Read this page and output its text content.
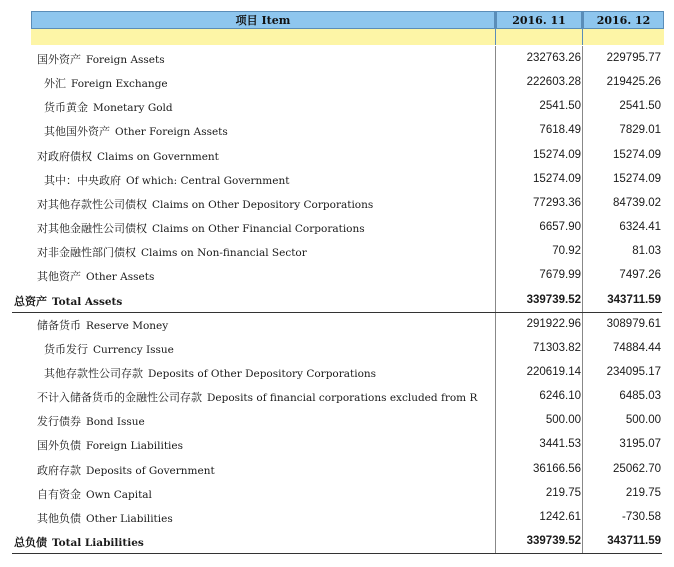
项目 Item	2016. 11	2016. 12
国外资产 Foreign Assets	232763.26	229795.77
外汇 Foreign Exchange	222603.28	219425.26
货币黄金 Monetary Gold	2541.50	2541.50
其他国外资产 Other Foreign Assets	7618.49	7829.01
对政府债权 Claims on Government	15274.09	15274.09
其中：中央政府 Of which: Central Government	15274.09	15274.09
对其他存款性公司债权 Claims on Other Depository Corporations	77293.36	84739.02
对其他金融性公司债权 Claims on Other Financial Corporations	6657.90	6324.41
对非金融性部门债权 Claims on Non-financial Sector	70.92	81.03
其他资产 Other Assets	7679.99	7497.26
总资产 Total Assets	339739.52	343711.59
储备货币 Reserve Money	291922.96	308979.61
货币发行 Currency Issue	71303.82	74884.44
其他存款性公司存款 Deposits of Other Depository Corporations	220619.14	234095.17
不计入储备货币的金融性公司存款 Deposits of financial corporations excluded from R	6246.10	6485.03
发行债券 Bond Issue	500.00	500.00
国外负债 Foreign Liabilities	3441.53	3195.07
政府存款 Deposits of Government	36166.56	25062.70
自有资金 Own Capital	219.75	219.75
其他负债 Other Liabilities	1242.61	-730.58
总负债 Total Liabilities	339739.52	343711.59
